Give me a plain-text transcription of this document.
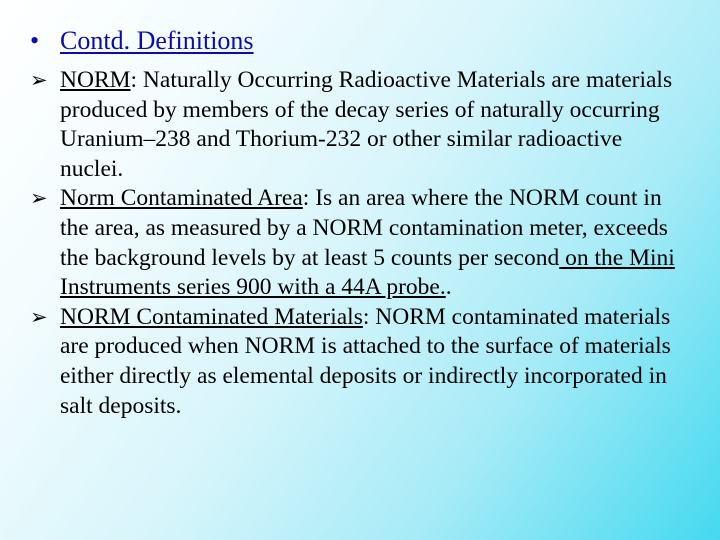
• Contd. Definitions
➢ NORM: Naturally Occurring Radioactive Materials are materials produced by members of the decay series of naturally occurring Uranium–238 and Thorium-232 or other similar radioactive nuclei.
➢ Norm Contaminated Area: Is an area where the NORM count in the area, as measured by a NORM contamination meter, exceeds the background levels by at least 5 counts per second on the Mini Instruments series 900 with a 44A probe..
➢ NORM Contaminated Materials: NORM contaminated materials are produced when NORM is attached to the surface of materials either directly as elemental deposits or indirectly incorporated in salt deposits.
